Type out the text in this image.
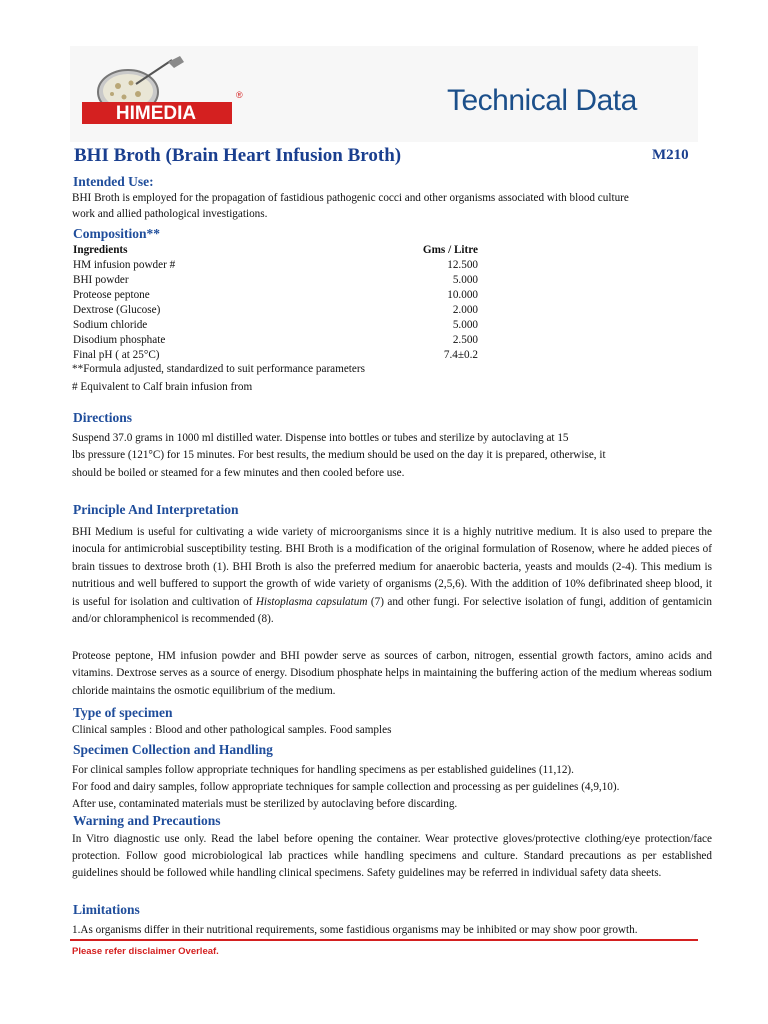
HIMEDIA
®	Technical Data
BHI Broth (Brain Heart Infusion Broth)	M210
Intended Use:
BHI Broth is employed for the propagation of fastidious pathogenic cocci and other organisms associated with blood culture
work and allied pathological investigations.
Composition**
Ingredients	Gms / Litre
HM infusion powder #	12.500
BHI powder	5.000
Proteose peptone	10.000
Dextrose (Glucose)	2.000
Sodium chloride	5.000
Disodium phosphate	2.500
Final pH ( at 25°C)	7.4±0.2
**Formula adjusted, standardized to suit performance parameters
# Equivalent to Calf brain infusion from
Directions
Suspend 37.0 grams in 1000 ml distilled water. Dispense into bottles or tubes and sterilize by autoclaving at 15
lbs pressure (121°C) for 15 minutes. For best results, the medium should be used on the day it is prepared, otherwise, it
should be boiled or steamed for a few minutes and then cooled before use.
Principle And Interpretation
BHI Medium is useful for cultivating a wide variety of microorganisms since it is a highly nutritive medium. It is also used to prepare the inocula for antimicrobial susceptibility testing. BHI Broth is a modification of the original formulation of Rosenow, where he added pieces of brain tissues to dextrose broth (1). BHI Broth is also the preferred medium for anaerobic bacteria, yeasts and moulds (2-4). This medium is nutritious and well buffered to support the growth of wide variety of organisms (2,5,6). With the addition of 10% defibrinated sheep blood, it is useful for isolation and cultivation of Histoplasma capsulatum (7) and other fungi. For selective isolation of fungi, addition of gentamicin and/or chloramphenicol is recommended (8).
Proteose peptone, HM infusion powder and BHI powder serve as sources of carbon, nitrogen, essential growth factors, amino acids and vitamins. Dextrose serves as a source of energy. Disodium phosphate helps in maintaining the buffering action of the medium whereas sodium chloride maintains the osmotic equilibrium of the medium.
Type of specimen
Clinical samples : Blood and other pathological samples. Food samples
Specimen Collection and Handling
For clinical samples follow appropriate techniques for handling specimens as per established guidelines (11,12).
For food and dairy samples, follow appropriate techniques for sample collection and processing as per guidelines (4,9,10).
After use, contaminated materials must be sterilized by autoclaving before discarding.
Warning and Precautions
In Vitro diagnostic use only. Read the label before opening the container. Wear protective gloves/protective clothing/eye protection/face protection. Follow good microbiological lab practices while handling specimens and culture. Standard precautions as per established guidelines should be followed while handling clinical specimens. Safety guidelines may be referred in individual safety data sheets.
Limitations
1.As organisms differ in their nutritional requirements, some fastidious organisms may be inhibited or may show poor growth.
Please refer disclaimer Overleaf.
